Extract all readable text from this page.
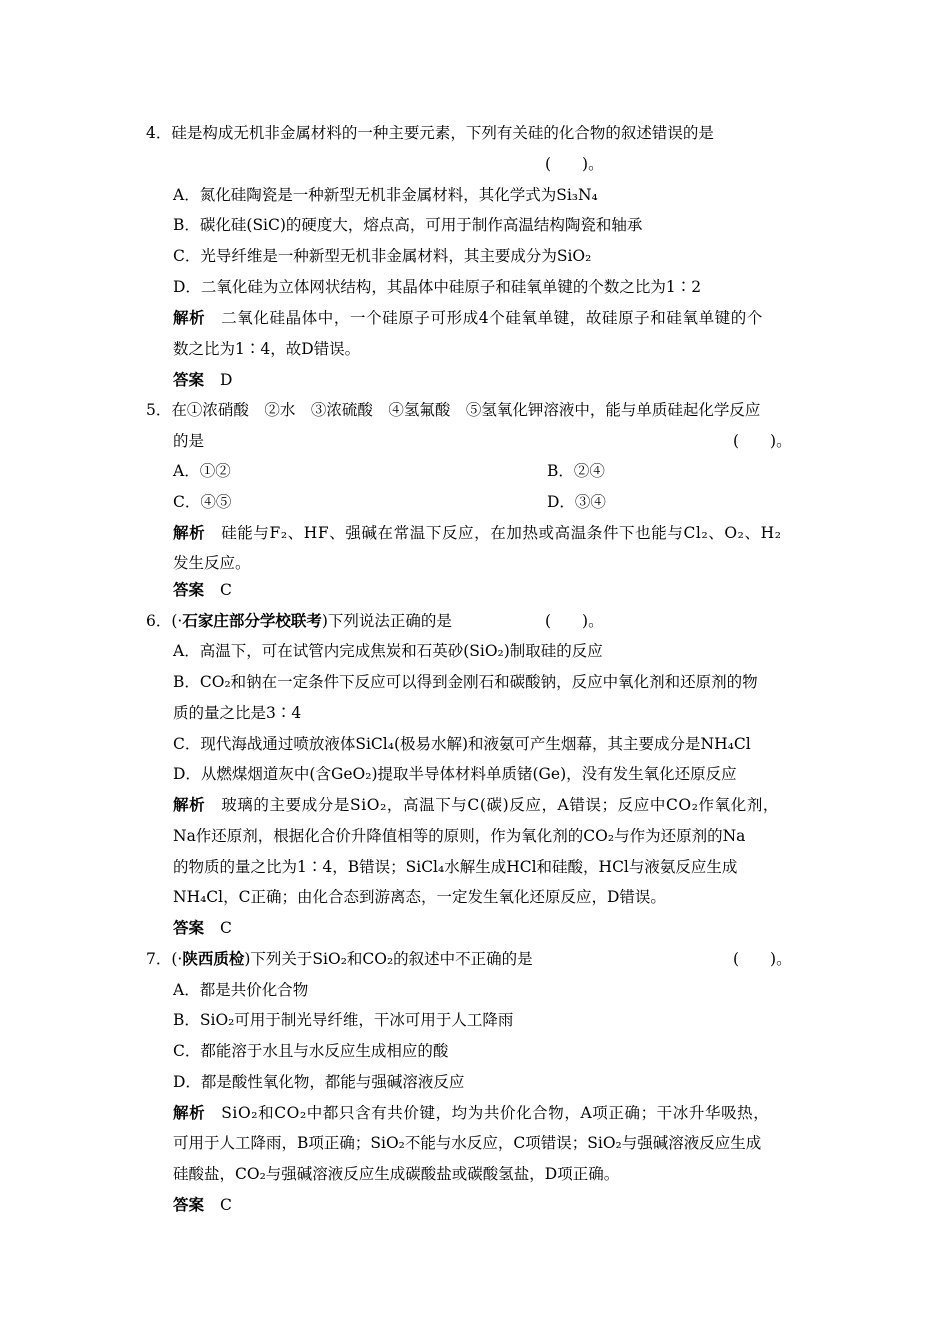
4．硅是构成无机非金属材料的一种主要元素，下列有关硅的化合物的叙述错误的是
(　　)。
A．氮化硅陶瓷是一种新型无机非金属材料，其化学式为Si₃N₄
B．碳化硅(SiC)的硬度大，熔点高，可用于制作高温结构陶瓷和轴承
C．光导纤维是一种新型无机非金属材料，其主要成分为SiO₂
D．二氧化硅为立体网状结构，其晶体中硅原子和硅氧单键的个数之比为1∶2
解析 二氧化硅晶体中，一个硅原子可形成4个硅氧单键，故硅原子和硅氧单键的个
数之比为1∶4，故D错误。
答案 D
5．在①浓硝酸　②水　③浓硫酸　④氢氟酸　⑤氢氧化钾溶液中，能与单质硅起化学反应
的是	(　　)。
A．①②	B．②④
C．④⑤	D．③④
解析 硅能与F₂、HF、强碱在常温下反应，在加热或高温条件下也能与Cl₂、O₂、H₂
发生反应。
答案 C
6．(·石家庄部分学校联考)下列说法正确的是	(　　)。
A．高温下，可在试管内完成焦炭和石英砂(SiO₂)制取硅的反应
B．CO₂和钠在一定条件下反应可以得到金刚石和碳酸钠，反应中氧化剂和还原剂的物
质的量之比是3∶4
C．现代海战通过喷放液体SiCl₄(极易水解)和液氨可产生烟幕，其主要成分是NH₄Cl
D．从燃煤烟道灰中(含GeO₂)提取半导体材料单质锗(Ge)，没有发生氧化还原反应
解析 玻璃的主要成分是SiO₂，高温下与C(碳)反应，A错误；反应中CO₂作氧化剂，
Na作还原剂，根据化合价升降值相等的原则，作为氧化剂的CO₂与作为还原剂的Na
的物质的量之比为1∶4，B错误；SiCl₄水解生成HCl和硅酸，HCl与液氨反应生成
NH₄Cl，C正确；由化合态到游离态，一定发生氧化还原反应，D错误。
答案 C
7．(·陕西质检)下列关于SiO₂和CO₂的叙述中不正确的是	(　　)。
A．都是共价化合物
B．SiO₂可用于制光导纤维，干冰可用于人工降雨
C．都能溶于水且与水反应生成相应的酸
D．都是酸性氧化物，都能与强碱溶液反应
解析 SiO₂和CO₂中都只含有共价键，均为共价化合物，A项正确；干冰升华吸热，
可用于人工降雨，B项正确；SiO₂不能与水反应，C项错误；SiO₂与强碱溶液反应生成
硅酸盐，CO₂与强碱溶液反应生成碳酸盐或碳酸氢盐，D项正确。
答案 C
